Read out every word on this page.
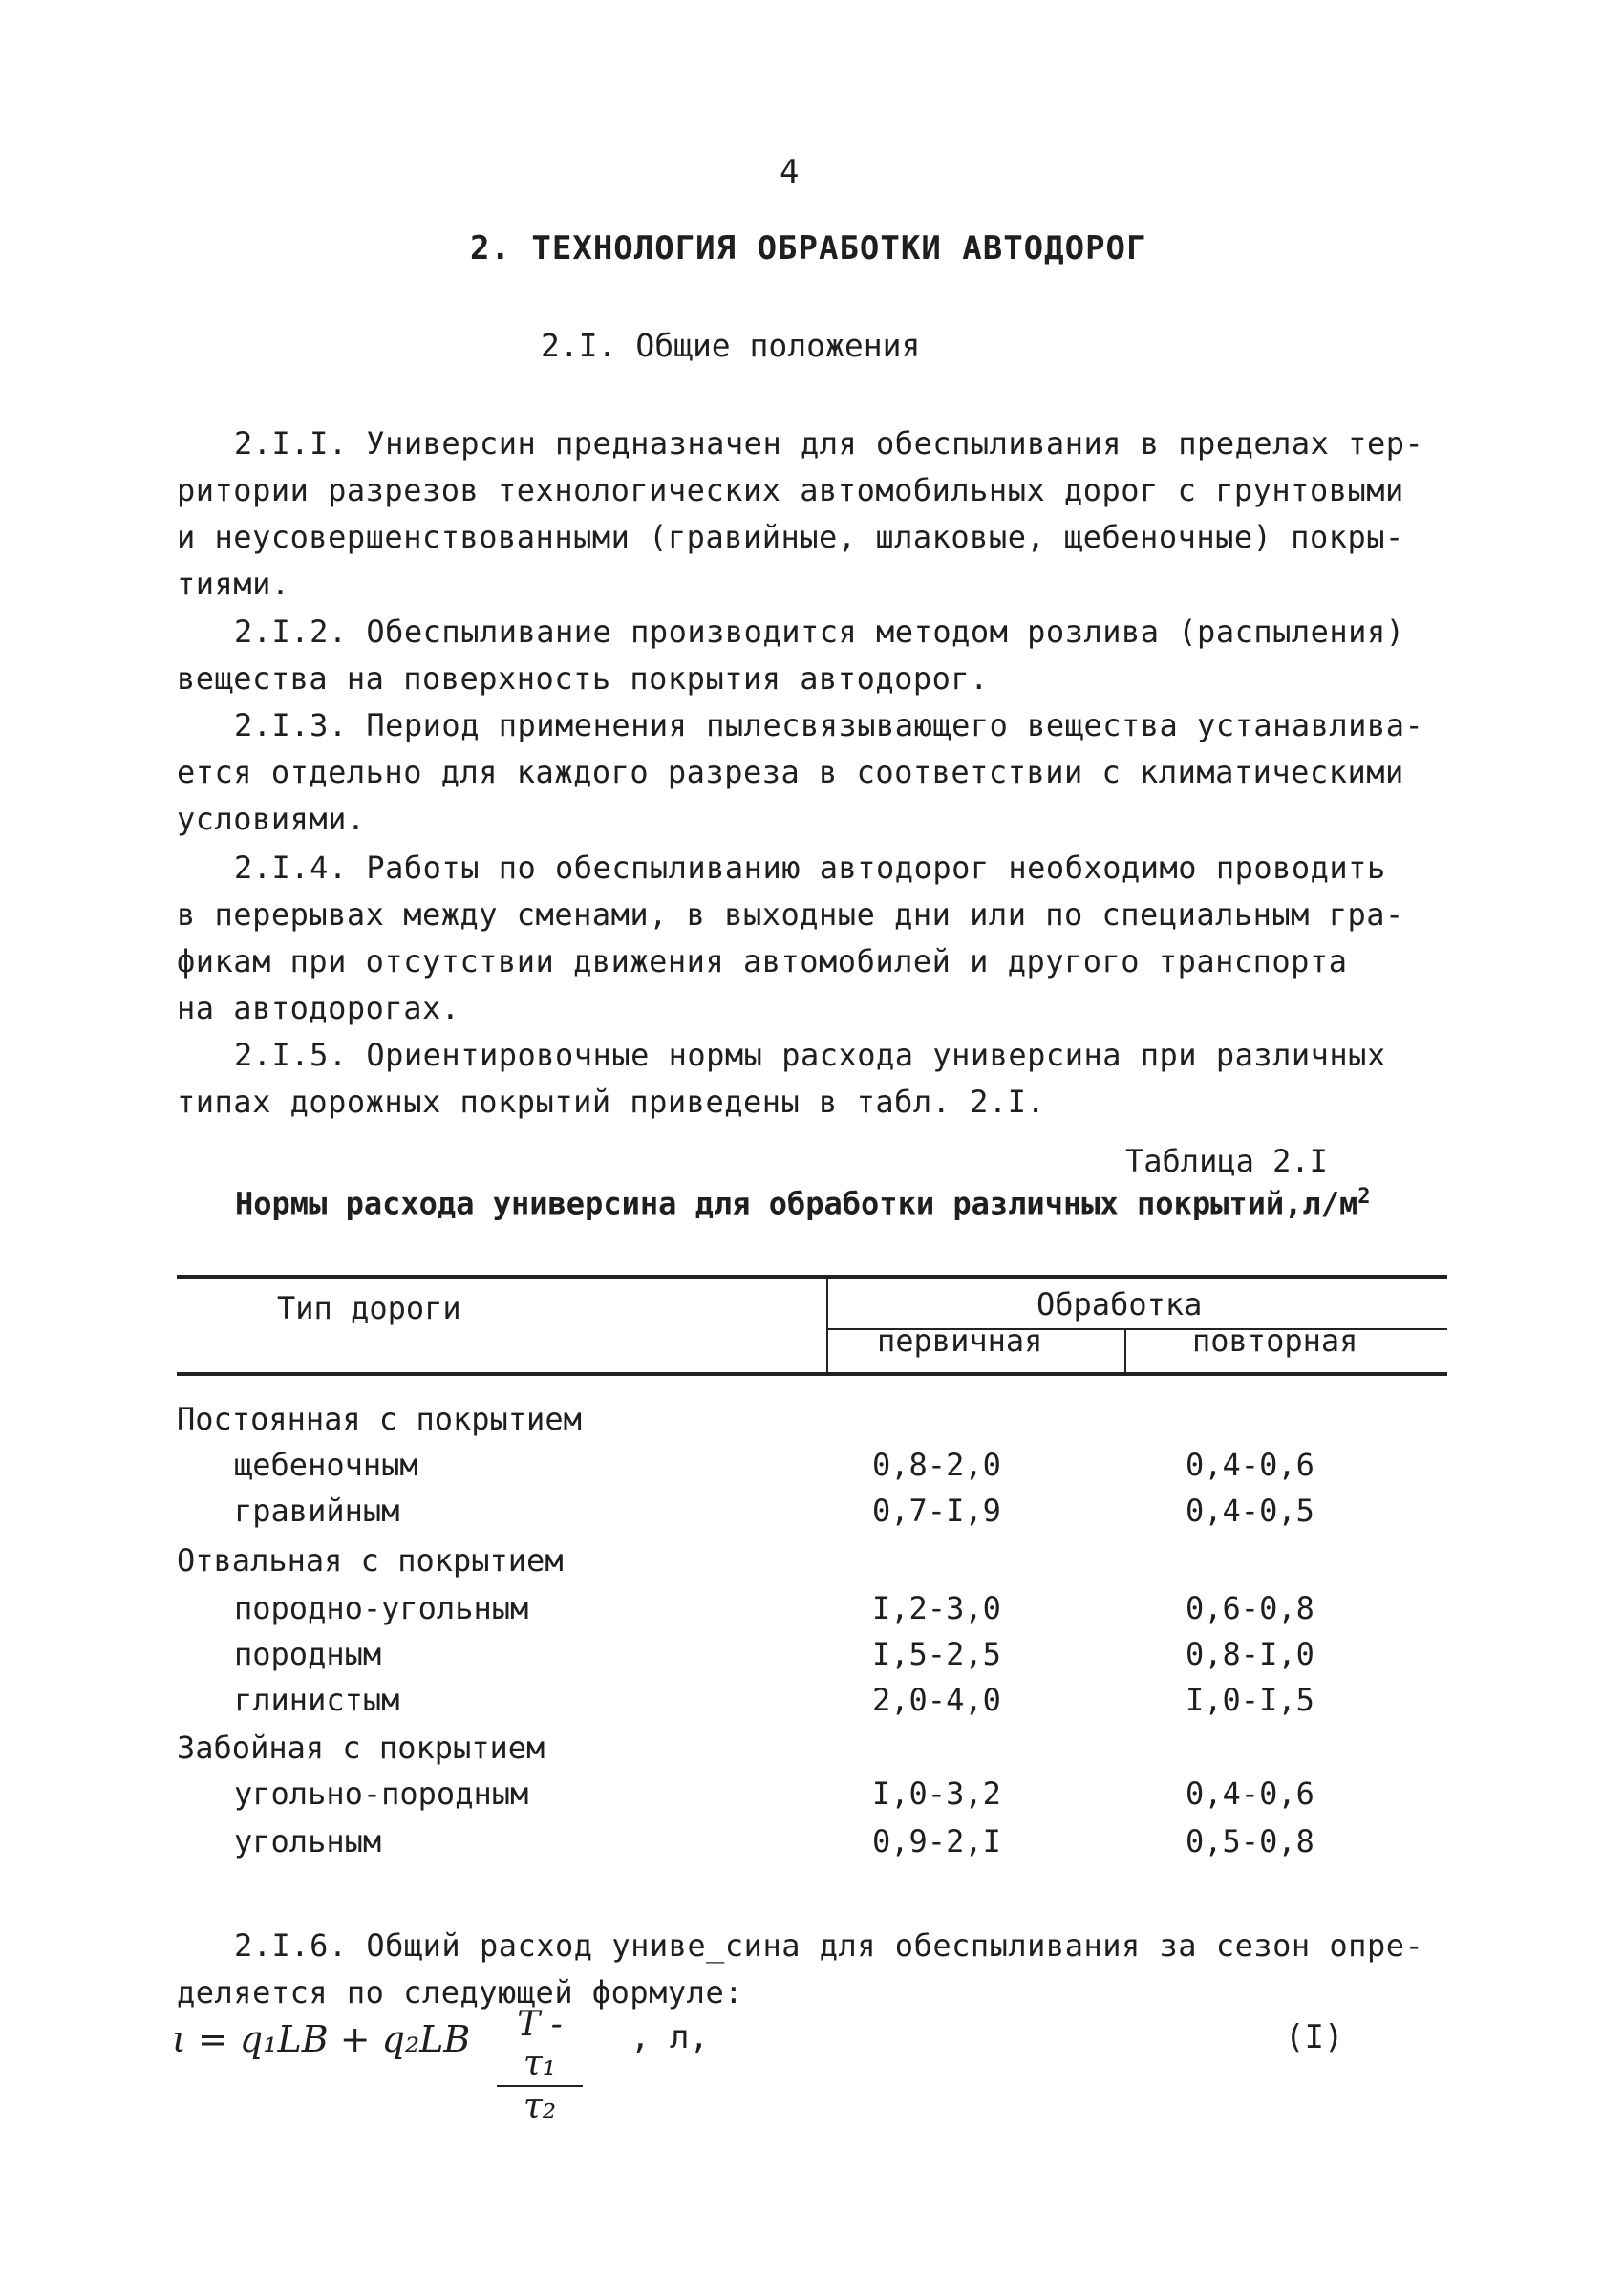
4
2. ТЕХНОЛОГИЯ ОБРАБОТКИ АВТОДОРОГ
2.I. Общие положения
2.I.I. Универсин предназначен для обеспыливания в пределах тер-
ритории разрезов технологических автомобильных дорог с грунтовыми
и неусовершенствованными (гравийные, шлаковые, щебеночные) покры-
тиями.
2.I.2. Обеспыливание производится методом розлива (распыления)
вещества на поверхность покрытия автодорог.
2.I.3. Период применения пылесвязывающего вещества устанавлива-
ется отдельно для каждого разреза в соответствии с климатическими
условиями.
2.I.4. Работы по обеспыливанию автодорог необходимо проводить
в перерывах между сменами, в выходные дни или по специальным гра-
фикам при отсутствии движения автомобилей и другого транспорта
на автодорогах.
2.I.5. Ориентировочные нормы расхода универсина при различных
типах дорожных покрытий приведены в табл. 2.I.
Таблица 2.I
Нормы расхода универсина для обработки различных $покрытий,л/м^2$
Тип дороги	Обработка
первичная	повторная
Постоянная с покрытием
щебеночным	0,8-2,0	0,4-0,6
гравийным	0,7-I,9	0,4-0,5
Отвальная с покрытием
породно-угольным	I,2-3,0	0,6-0,8
породным	I,5-2,5	0,8-I,0
глинистым	2,0-4,0	I,0-I,5
Забойная с покрытием
угольно-породным	I,0-3,2	0,4-0,6
угольным	0,9-2,I	0,5-0,8
2.I.6. Общий расход униве_сина для обеспыливания за сезон опре-
деляется по следующей формуле:
$\iota = q_1LB + q_2LB \frac{\text{T - τ₁}}{\text{τ₂}}$ , л,	(I)
